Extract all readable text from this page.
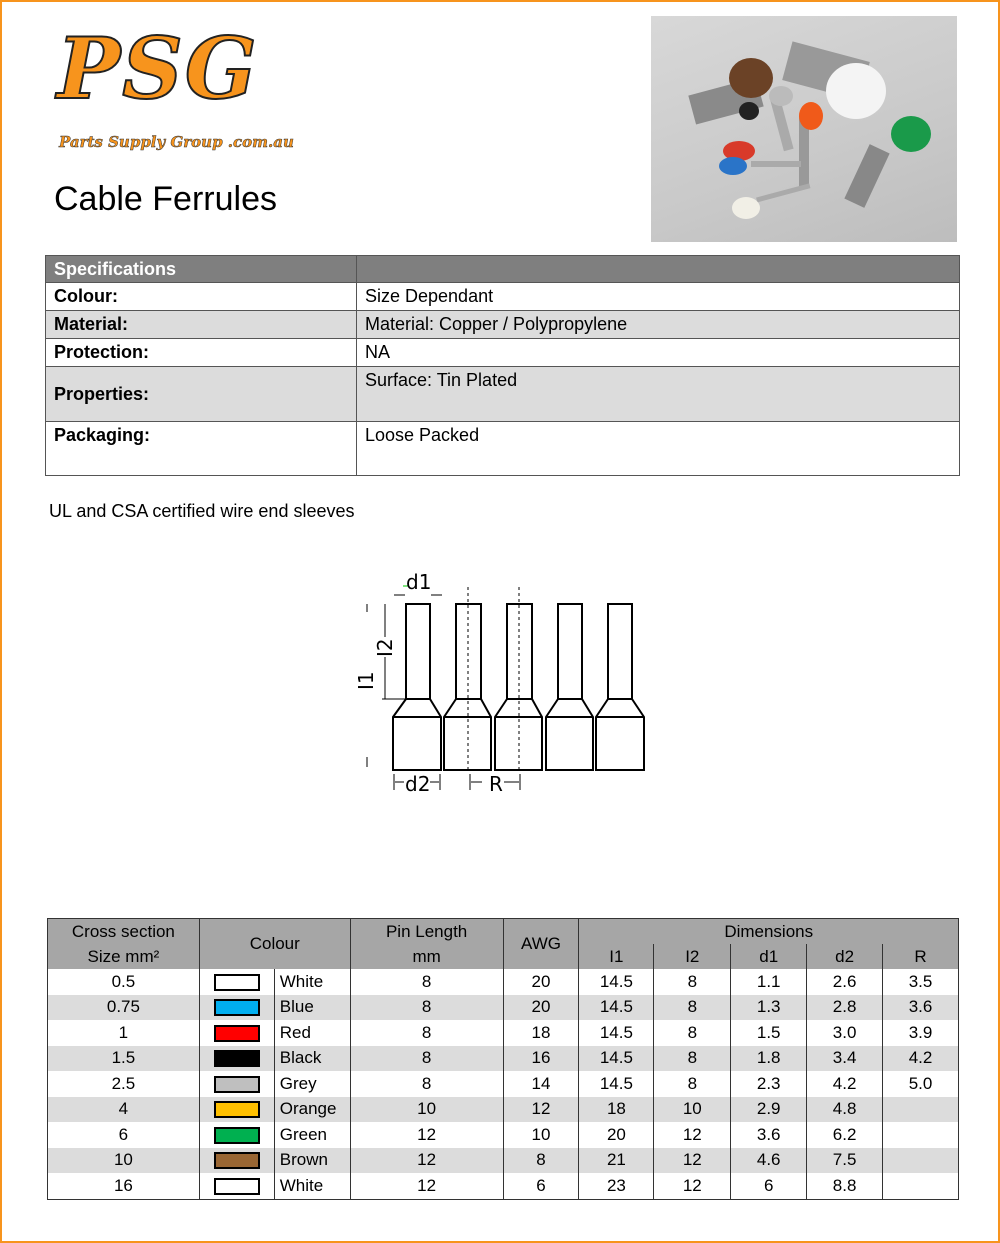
PSG
Parts Supply Group .com.au
Cable Ferrules
Specifications	
Colour:	Size Dependant
Material:	Material: Copper / Polypropylene
Protection:	NA
Properties:	Surface: Tin Plated
Packaging:	Loose Packed
UL and CSA certified wire end sleeves
d1
d2	R
I2
I1
Cross section	Colour		Pin Length	AWG	Dimensions				
Size mm²			mm		I1	I2	d1	d2	R
0.5		White	8	20	14.5	8	1.1	2.6	3.5
0.75		Blue	8	20	14.5	8	1.3	2.8	3.6
1		Red	8	18	14.5	8	1.5	3.0	3.9
1.5		Black	8	16	14.5	8	1.8	3.4	4.2
2.5		Grey	8	14	14.5	8	2.3	4.2	5.0
4		Orange	10	12	18	10	2.9	4.8	
6		Green	12	10	20	12	3.6	6.2	
10		Brown	12	8	21	12	4.6	7.5	
16		White	12	6	23	12	6	8.8	
